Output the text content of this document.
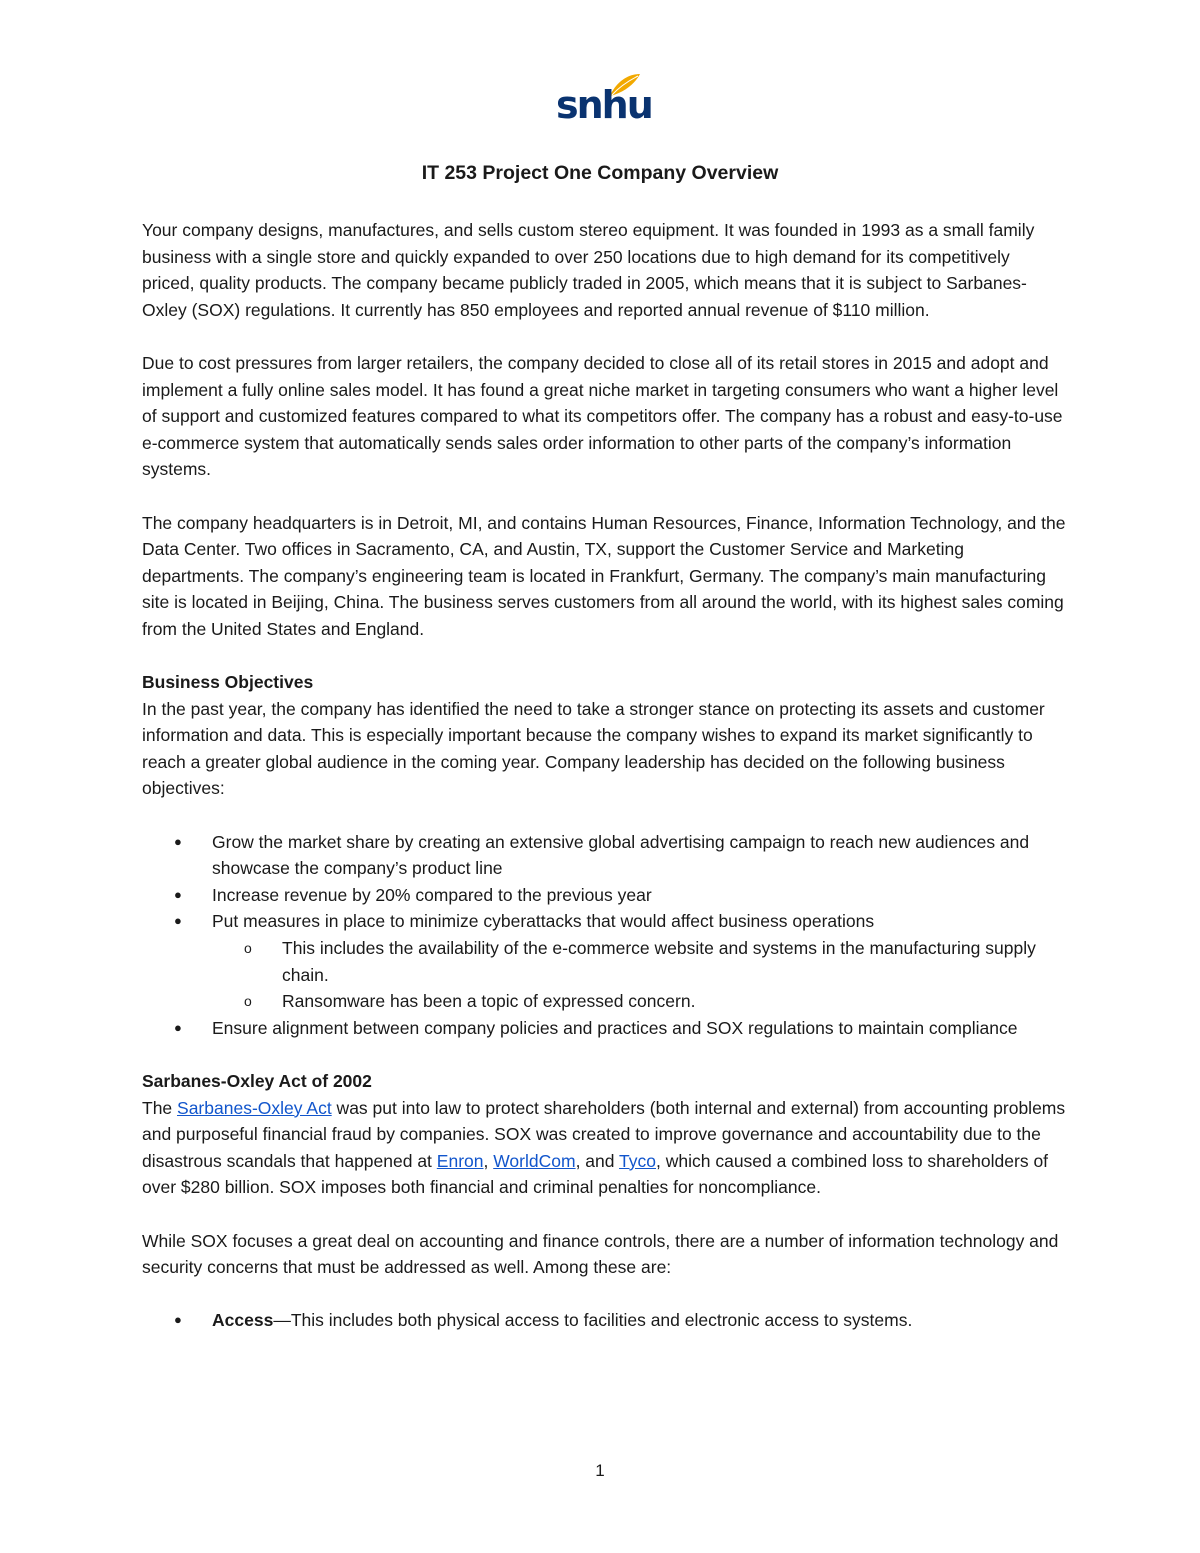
snhu
IT 253 Project One Company Overview

Your company designs, manufactures, and sells custom stereo equipment. It was founded in 1993 as a small family business with a single store and quickly expanded to over 250 locations due to high demand for its competitively priced, quality products. The company became publicly traded in 2005, which means that it is subject to Sarbanes-Oxley (SOX) regulations. It currently has 850 employees and reported annual revenue of $110 million.

Due to cost pressures from larger retailers, the company decided to close all of its retail stores in 2015 and adopt and implement a fully online sales model. It has found a great niche market in targeting consumers who want a higher level of support and customized features compared to what its competitors offer. The company has a robust and easy-to-use e-commerce system that automatically sends sales order information to other parts of the company’s information systems.

The company headquarters is in Detroit, MI, and contains Human Resources, Finance, Information Technology, and the Data Center. Two offices in Sacramento, CA, and Austin, TX, support the Customer Service and Marketing departments. The company’s engineering team is located in Frankfurt, Germany. The company’s main manufacturing site is located in Beijing, China. The business serves customers from all around the world, with its highest sales coming from the United States and England.

Business Objectives

In the past year, the company has identified the need to take a stronger stance on protecting its assets and customer information and data. This is especially important because the company wishes to expand its market significantly to reach a greater global audience in the coming year. Company leadership has decided on the following business objectives:

● Grow the market share by creating an extensive global advertising campaign to reach new audiences and showcase the company’s product line
● Increase revenue by 20% compared to the previous year
● Put measures in place to minimize cyberattacks that would affect business operations
o This includes the availability of the e-commerce website and systems in the manufacturing supply chain.
o Ransomware has been a topic of expressed concern.
● Ensure alignment between company policies and practices and SOX regulations to maintain compliance
Sarbanes-Oxley Act of 2002

The Sarbanes-Oxley Act was put into law to protect shareholders (both internal and external) from accounting problems and purposeful financial fraud by companies. SOX was created to improve governance and accountability due to the disastrous scandals that happened at Enron, WorldCom, and Tyco, which caused a combined loss to shareholders of over $280 billion. SOX imposes both financial and criminal penalties for noncompliance.

While SOX focuses a great deal on accounting and finance controls, there are a number of information technology and security concerns that must be addressed as well. Among these are:

● Access—This includes both physical access to facilities and electronic access to systems.
1
